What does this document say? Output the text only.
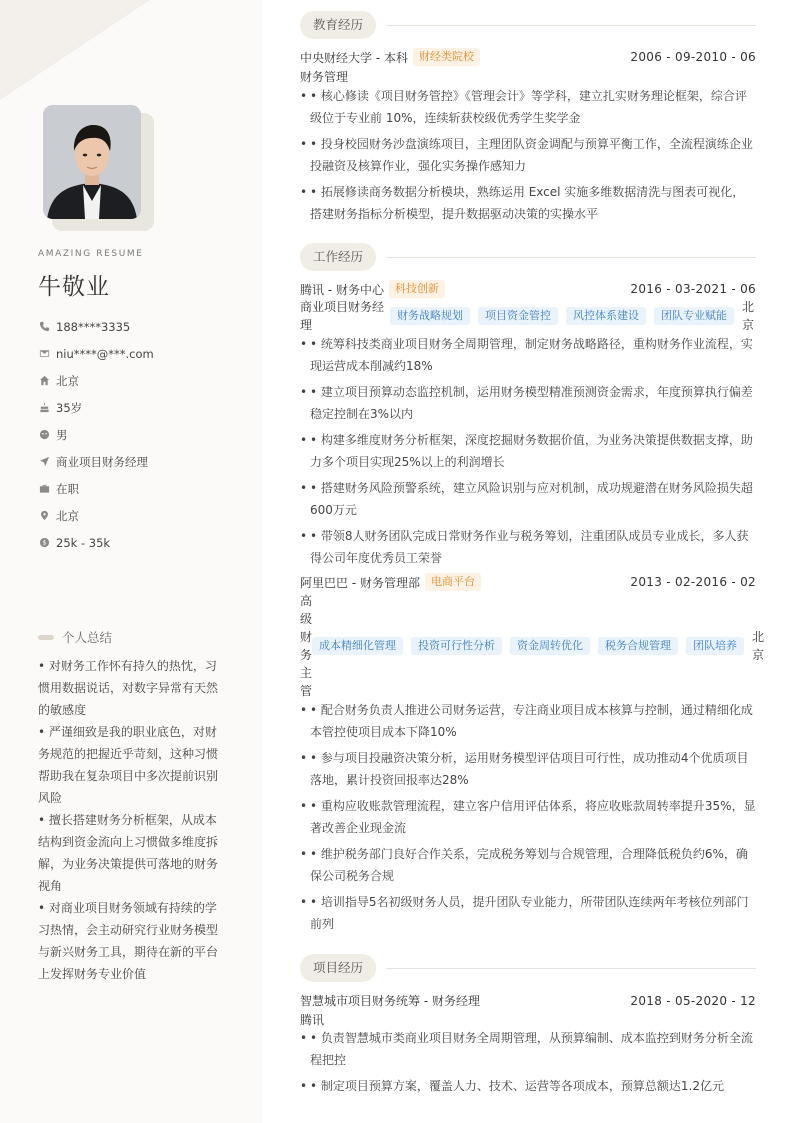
AMAZING RESUME
牛敬业
188****3335
niu****@***.com
北京
35岁
男
商业项目财务经理
在职
北京
$ 25k - 35k
个人总结
• 对财务工作怀有持久的热忱，习惯用数据说话，对数字异常有天然的敏感度
• 严谨细致是我的职业底色，对财务规范的把握近乎苛刻，这种习惯帮助我在复杂项目中多次提前识别风险
• 擅长搭建财务分析框架，从成本结构到资金流向上习惯做多维度拆解，为业务决策提供可落地的财务视角
• 对商业项目财务领域有持续的学习热情，会主动研究行业财务模型与新兴财务工具，期待在新的平台上发挥财务专业价值
教育经历
中央财经大学 - 本科	财经类院校	2006 - 09-2010 - 06
财务管理
• • 核心修读《项目财务管控》《管理会计》等学科，建立扎实财务理论框架，综合评级位于专业前 10%，连续斩获校级优秀学生奖学金
• • 投身校园财务沙盘演练项目，主理团队资金调配与预算平衡工作，全流程演练企业投融资及核算作业，强化实务操作感知力
• • 拓展修读商务数据分析模块，熟练运用 Excel 实施多维数据清洗与图表可视化，搭建财务指标分析模型，提升数据驱动决策的实操水平
工作经历
腾讯 - 财务中心	科技创新	2016 - 03-2021 - 06
商业项目财务经理
财务战略规划	项目资金管控	风控体系建设	团队专业赋能
北京
• • 统筹科技类商业项目财务全周期管理，制定财务战略路径，重构财务作业流程，实现运营成本削减约18%
• • 建立项目预算动态监控机制，运用财务模型精准预测资金需求，年度预算执行偏差稳定控制在3%以内
• • 构建多维度财务分析框架，深度挖掘财务数据价值，为业务决策提供数据支撑，助力多个项目实现25%以上的利润增长
• • 搭建财务风险预警系统，建立风险识别与应对机制，成功规避潜在财务风险损失超600万元
• • 带领8人财务团队完成日常财务作业与税务筹划，注重团队成员专业成长，多人获得公司年度优秀员工荣誉
阿里巴巴 - 财务管理部	电商平台	2013 - 02-2016 - 02
高级财务主管
成本精细化管理	投资可行性分析	资金周转优化	税务合规管理	团队培养
北京
• • 配合财务负责人推进公司财务运营，专注商业项目成本核算与控制，通过精细化成本管控使项目成本下降10%
• • 参与项目投融资决策分析，运用财务模型评估项目可行性，成功推动4个优质项目落地，累计投资回报率达28%
• • 重构应收账款管理流程，建立客户信用评估体系，将应收账款周转率提升35%，显著改善企业现金流
• • 维护税务部门良好合作关系，完成税务筹划与合规管理，合理降低税负约6%，确保公司税务合规
• • 培训指导5名初级财务人员，提升团队专业能力，所带团队连续两年考核位列部门前列
项目经历
智慧城市项目财务统筹 - 财务经理	2018 - 05-2020 - 12
腾讯
• • 负责智慧城市类商业项目财务全周期管理，从预算编制、成本监控到财务分析全流程把控
• • 制定项目预算方案，覆盖人力、技术、运营等各项成本，预算总额达1.2亿元
